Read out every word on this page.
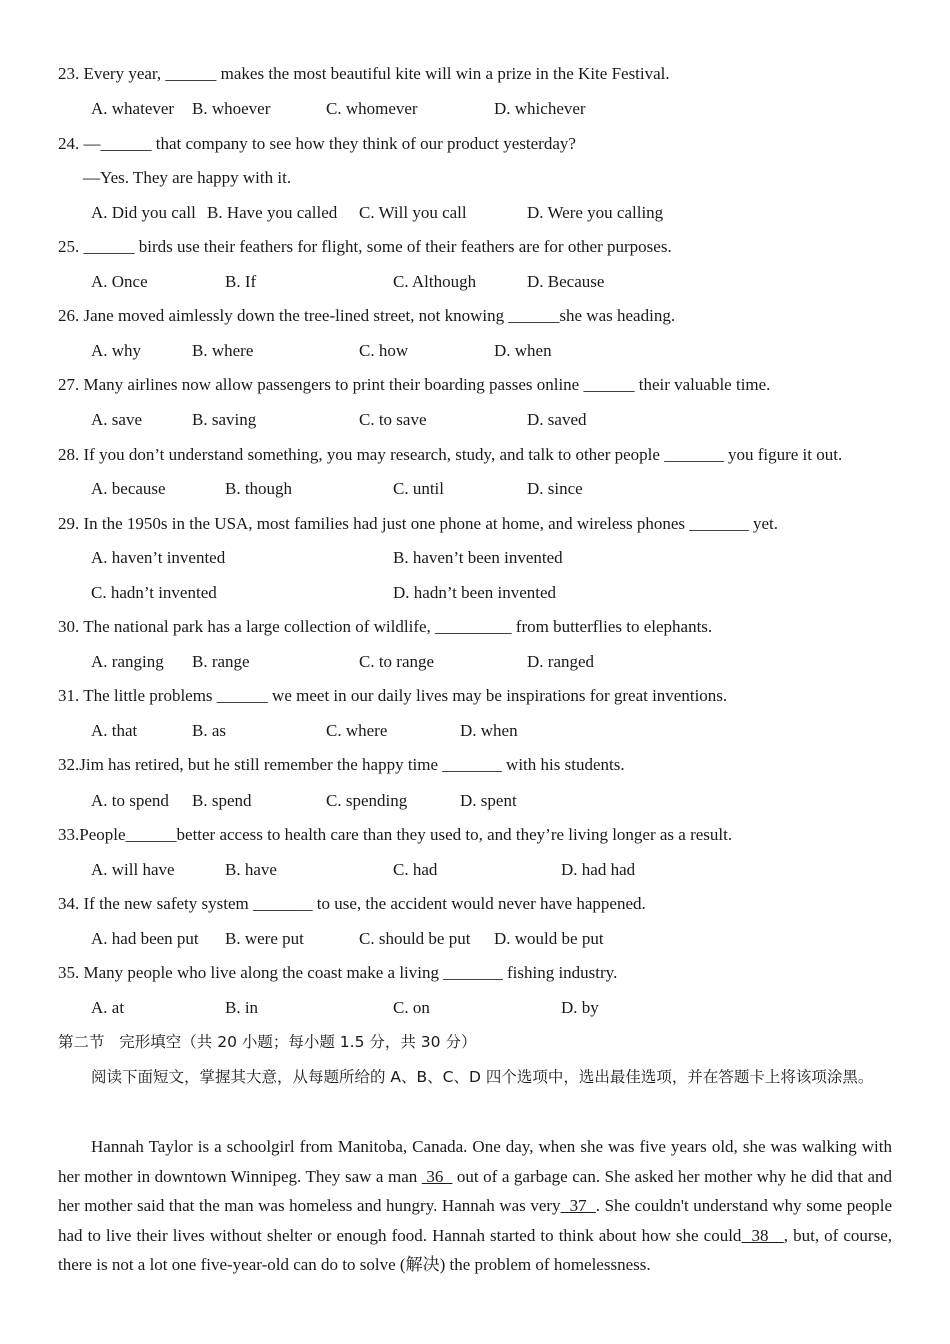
23. Every year, ______ makes the most beautiful kite will win a prize in the Kite Festival.
A. whatever B. whoever	C. whomever	D. whichever
24. —______ that company to see how they think of our product yesterday?
—Yes. They are happy with it.
A. Did you call B. Have you called C. Will you call	D. Were you calling
25. ______ birds use their feathers for flight, some of their feathers are for other purposes.
A. Once	B. If	C. Although	D. Because
26. Jane moved aimlessly down the tree-lined street, not knowing ______she was heading.
A. why	B. where	C. how	D. when
27. Many airlines now allow passengers to print their boarding passes online ______ their valuable time.
A. save	B. saving	C. to save	D. saved
28. If you don’t understand something, you may research, study, and talk to other people _______ you figure it out.
A. because	B. though	C. until	D. since
29. In the 1950s in the USA, most families had just one phone at home, and wireless phones _______ yet.
A. haven’t invented	B. haven’t been invented
C. hadn’t invented	D. hadn’t been invented
30. The national park has a large collection of wildlife, _________ from butterflies to elephants.
A. ranging B. range	C. to range	D. ranged
31. The little problems ______ we meet in our daily lives may be inspirations for great inventions.
A. that	B. as	C. where	D. when
32.Jim has retired, but he still remember the happy time _______ with his students.
A. to spend B. spend	C. spending	D. spent
33.People______better access to health care than they used to, and they’re living longer as a result.
A. will have	B. have	C. had	D. had had
34. If the new safety system _______ to use, the accident would never have happened.
A. had been put B. were put	C. should be put D. would be put
35. Many people who live along the coast make a living _______ fishing industry.
A. at	B. in	C. on	D. by
第二节   完形填空（共 20 小题；每小题 1.5 分，共 30 分）
阅读下面短文，掌握其大意，从每题所给的 A、B、C、D 四个选项中，选出最佳选项，并在答题卡上将该项涂黑。
Hannah Taylor is a schoolgirl from Manitoba, Canada. One day, when she was five years old, she was walking with her mother in downtown Winnipeg. They saw a man  36   out of a garbage can. She asked her mother why he did that and her mother said that the man was homeless and hungry. Hannah was very  37  . She couldn't understand why some people had to live their lives without shelter or enough food. Hannah started to think about how she could  38   , but, of course, there is not a lot one five-year-old can do to solve (解决) the problem of homelessness.
